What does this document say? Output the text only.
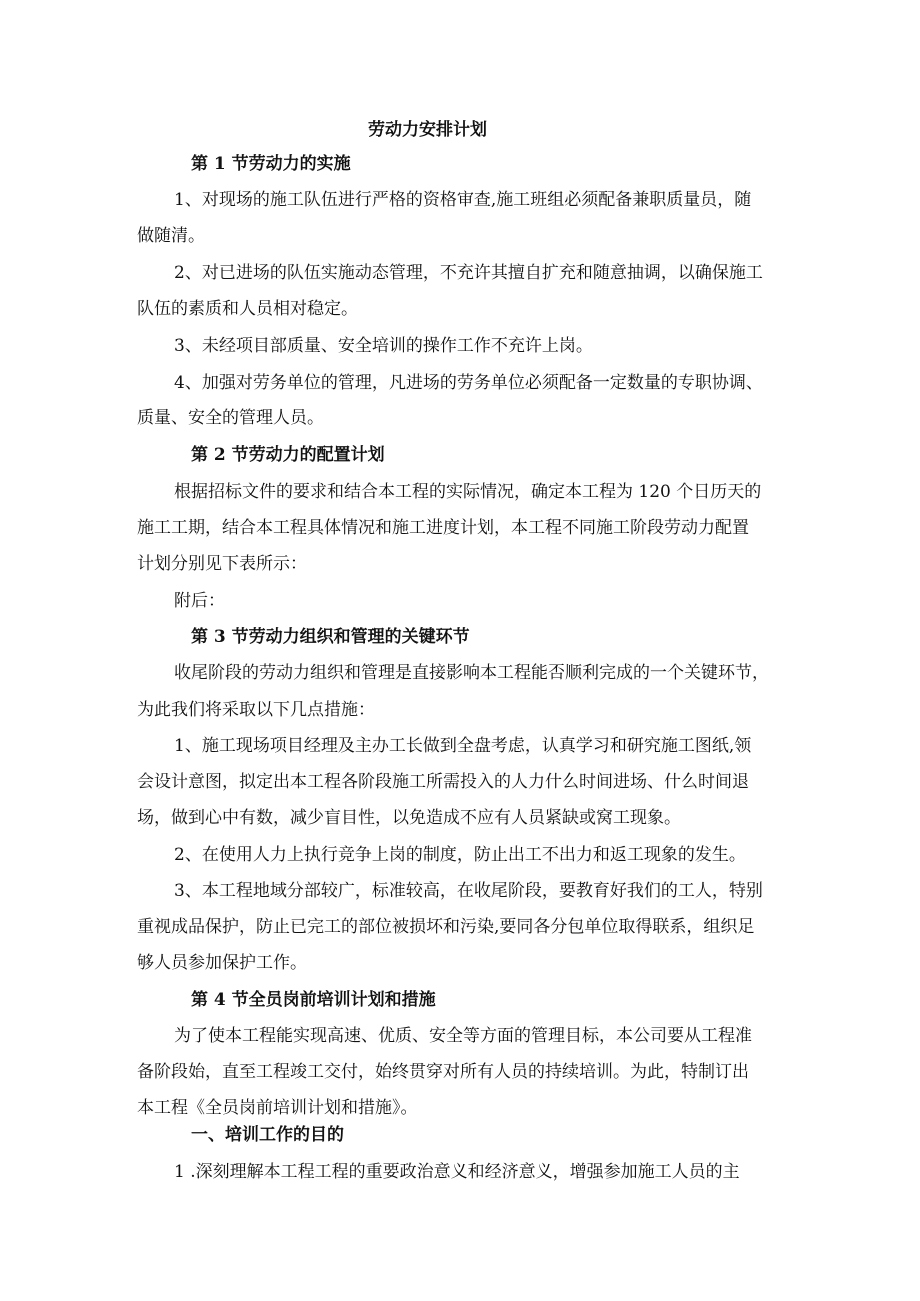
劳动力安排计划
第 1 节劳动力的实施
1、对现场的施工队伍进行严格的资格审查,施工班组必须配备兼职质量员，随
做随清。
2、对已进场的队伍实施动态管理，不充许其擅自扩充和随意抽调，以确保施工
队伍的素质和人员相对稳定。
3、未经项目部质量、安全培训的操作工作不充许上岗。
4、加强对劳务单位的管理，凡进场的劳务单位必须配备一定数量的专职协调、
质量、安全的管理人员。
第 2 节劳动力的配置计划
根据招标文件的要求和结合本工程的实际情况，确定本工程为 120 个日历天的
施工工期，结合本工程具体情况和施工进度计划，本工程不同施工阶段劳动力配置
计划分别见下表所示：
附后：
第 3 节劳动力组织和管理的关键环节
收尾阶段的劳动力组织和管理是直接影响本工程能否顺利完成的一个关键环节，
为此我们将采取以下几点措施：
1、施工现场项目经理及主办工长做到全盘考虑，认真学习和研究施工图纸,领
会设计意图，拟定出本工程各阶段施工所需投入的人力什么时间进场、什么时间退
场，做到心中有数，减少盲目性，以免造成不应有人员紧缺或窝工现象。
2、在使用人力上执行竞争上岗的制度，防止出工不出力和返工现象的发生。
3、本工程地域分部较广，标准较高，在收尾阶段，要教育好我们的工人，特别
重视成品保护，防止已完工的部位被损坏和污染,要同各分包单位取得联系，组织足
够人员参加保护工作。
第 4 节全员岗前培训计划和措施
为了使本工程能实现高速、优质、安全等方面的管理目标，本公司要从工程准
备阶段始，直至工程竣工交付，始终贯穿对所有人员的持续培训。为此，特制订出
本工程《全员岗前培训计划和措施》。
一、培训工作的目的
1 .深刻理解本工程工程的重要政治意义和经济意义，增强参加施工人员的主
